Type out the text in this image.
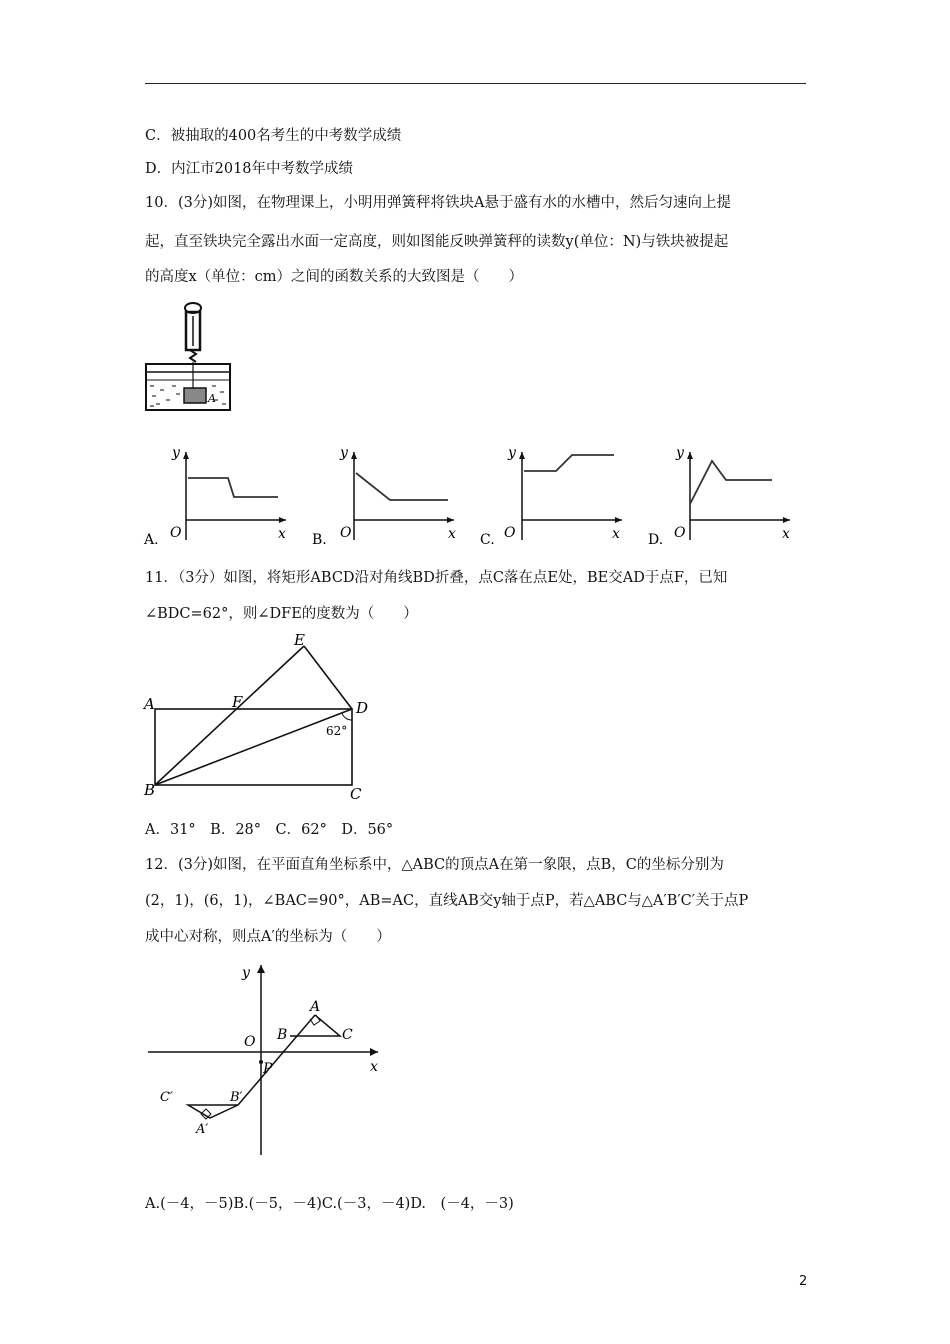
C．被抽取的400名考生的中考数学成绩
D．内江市2018年中考数学成绩
10．(3分)如图，在物理课上，小明用弹簧秤将铁块A悬于盛有水的水槽中，然后匀速向上提
起，直至铁块完全露出水面一定高度，则如图能反映弹簧秤的读数y(单位：N)与铁块被提起
的高度x（单位：cm）之间的函数关系的大致图是（　　）
A
y
x
O
A.
y
x
O
B.
y
x
O
C.
y
x
O
D.
11．（3分）如图，将矩形ABCD沿对角线BD折叠，点C落在点E处，BE交AD于点F，已知
∠BDC=62°，则∠DFE的度数为（　　）
A
B	C
D
E
F
62°
A．31°　B．28°　C．62°　D．56°
12．(3分)如图，在平面直角坐标系中，△ABC的顶点A在第一象限，点B，C的坐标分别为
(2，1)，(6，1)，∠BAC=90°，AB=AC，直线AB交y轴于点P，若△ABC与△A′B′C′关于点P
成中心对称，则点A′的坐标为（　　）
y
x
O
P
A
B	C
A′
B′
C′
A.(－4，－5)B.(－5，－4)C.(－3，－4)D.　(－4，－3)
2
